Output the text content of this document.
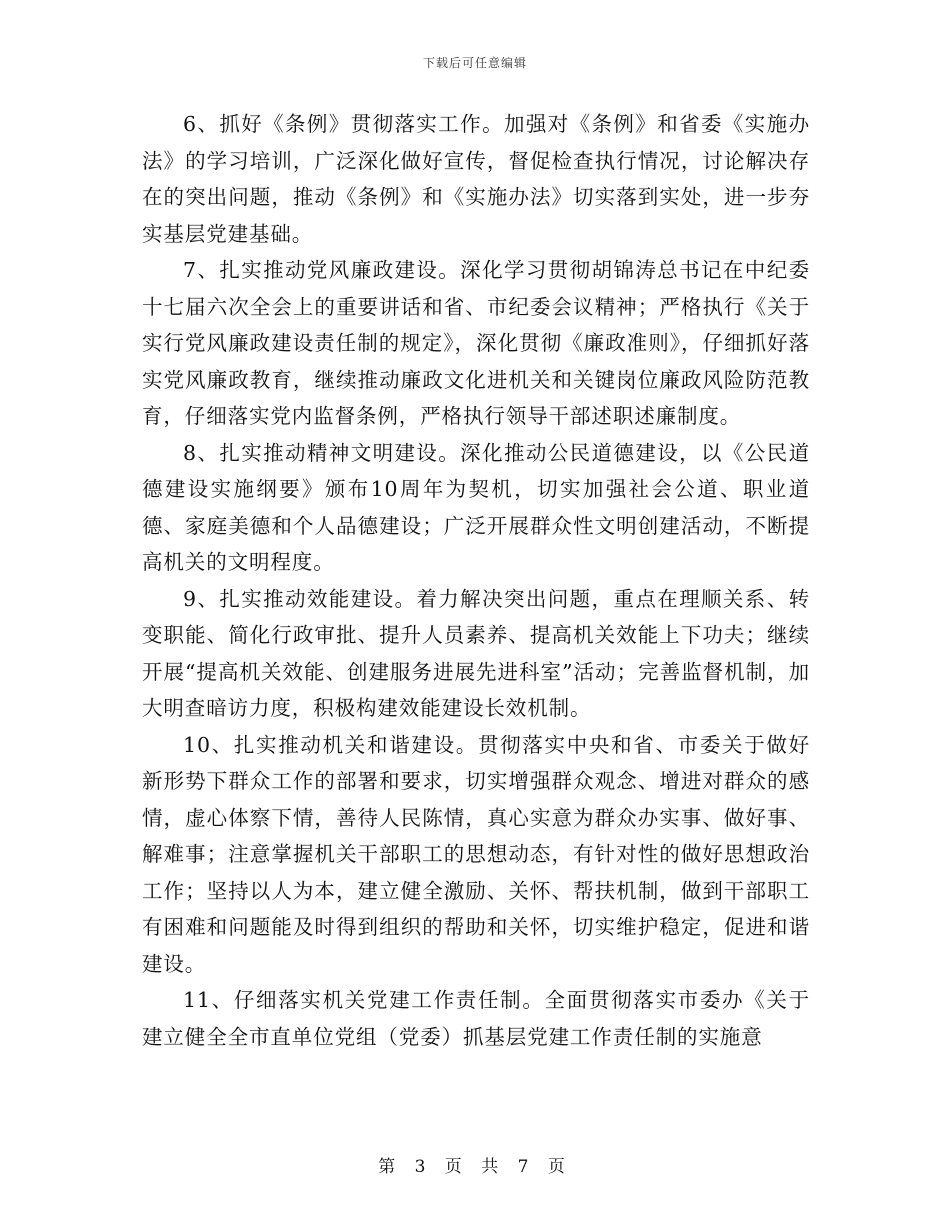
下载后可任意编辑

6、抓好《条例》贯彻落实工作。加强对《条例》和省委《实施办法》的学习培训，广泛深化做好宣传，督促检查执行情况，讨论解决存在的突出问题，推动《条例》和《实施办法》切实落到实处，进一步夯实基层党建基础。

7、扎实推动党风廉政建设。深化学习贯彻胡锦涛总书记在中纪委十七届六次全会上的重要讲话和省、市纪委会议精神；严格执行《关于实行党风廉政建设责任制的规定》，深化贯彻《廉政准则》，仔细抓好落实党风廉政教育，继续推动廉政文化进机关和关键岗位廉政风险防范教育，仔细落实党内监督条例，严格执行领导干部述职述廉制度。

8、扎实推动精神文明建设。深化推动公民道德建设，以《公民道德建设实施纲要》颁布10周年为契机，切实加强社会公道、职业道德、家庭美德和个人品德建设；广泛开展群众性文明创建活动，不断提高机关的文明程度。

9、扎实推动效能建设。着力解决突出问题，重点在理顺关系、转变职能、简化行政审批、提升人员素养、提高机关效能上下功夫；继续开展“提高机关效能、创建服务进展先进科室”活动；完善监督机制，加大明查暗访力度，积极构建效能建设长效机制。

10、扎实推动机关和谐建设。贯彻落实中央和省、市委关于做好新形势下群众工作的部署和要求，切实增强群众观念、增进对群众的感情，虚心体察下情，善待人民陈情，真心实意为群众办实事、做好事、解难事；注意掌握机关干部职工的思想动态，有针对性的做好思想政治工作；坚持以人为本，建立健全激励、关怀、帮扶机制，做到干部职工有困难和问题能及时得到组织的帮助和关怀，切实维护稳定，促进和谐建设。

11、仔细落实机关党建工作责任制。全面贯彻落实市委办《关于建立健全全市直单位党组（党委）抓基层党建工作责任制的实施意

第 3 页 共 7 页
